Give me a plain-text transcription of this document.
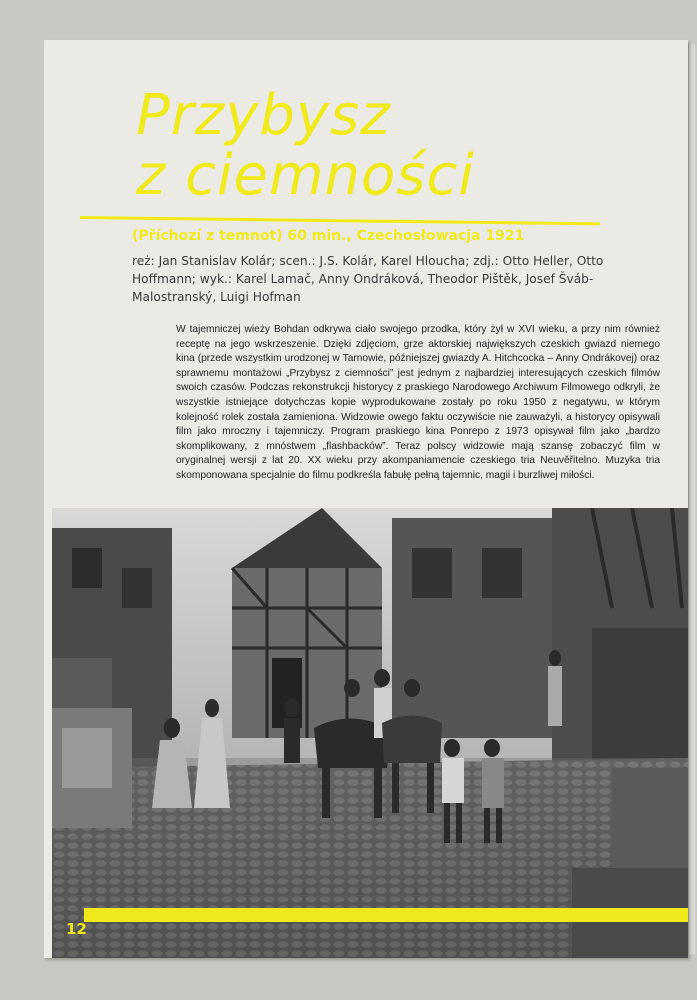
Przybysz
z ciemności
(Příchozí z temnot) 60 min., Czechosłowacja 1921
reż: Jan Stanislav Kolár; scen.: J.S. Kolár, Karel Hloucha; zdj.: Otto Heller, Otto Hoffmann; wyk.: Karel Lamač, Anny Ondráková, Theodor Pištěk, Josef Šváb-Malostranský, Luigi Hofman
W tajemniczej wieży Bohdan odkrywa ciało swojego przodka, który żył w XVI wieku, a przy nim również receptę na jego wskrzeszenie. Dzięki zdjęciom, grze aktorskiej największych czeskich gwiazd niemego kina (przede wszystkim urodzonej w Tarnowie, późniejszej gwiazdy A. Hitchcocka – Anny Ondrákovej) oraz sprawnemu montażowi „Przybysz z ciemności” jest jednym z najbardziej interesujących czeskich filmów swoich czasów. Podczas rekonstrukcji historycy z praskiego Narodowego Archiwum Filmowego odkryli, że wszystkie istniejące dotychczas kopie wyprodukowane zostały po roku 1950 z negatywu, w którym kolejność rolek została zamieniona. Widzowie owego faktu oczywiście nie zauważyli, a historycy opisywali film jako mroczny i tajemniczy. Program praskiego kina Ponrepo z 1973 opisywał film jako „bardzo skomplikowany, z mnóstwem „flashbacków”. Teraz polscy widzowie mają szansę zobaczyć film w oryginalnej wersji z lat 20. XX wieku przy akompaniamencie czeskiego tria Neuvěřitelno. Muzyka tria skomponowana specjalnie do filmu podkreśla fabułę pełną tajemnic, magii i burzliwej miłości.
12
